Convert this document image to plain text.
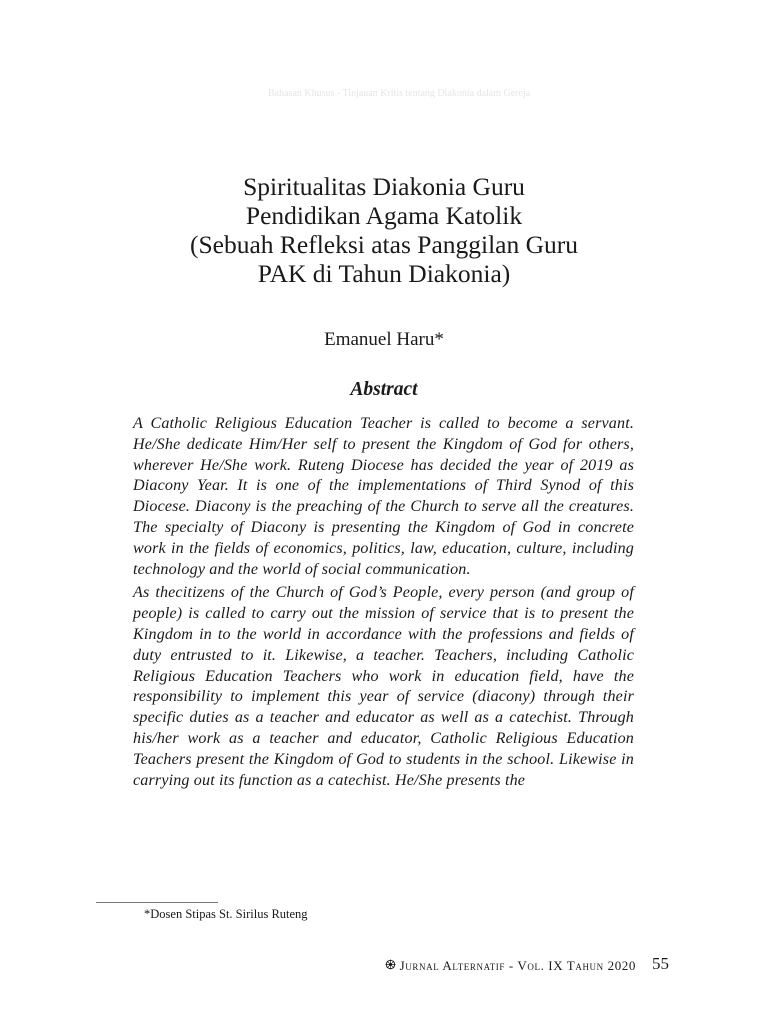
Bahasan Khusus - Tinjauan Kritis tentang Diakonia dalam Gereja
Spiritualitas Diakonia Guru
Pendidikan Agama Katolik
(Sebuah Refleksi atas Panggilan Guru
PAK di Tahun Diakonia)
Emanuel Haru*
Abstract

A Catholic Religious Education Teacher is called to become a servant. He/She dedicate Him/Her self to present the Kingdom of God for others, wherever He/She work. Ruteng Diocese has decided the year of 2019 as Diacony Year. It is one of the implementations of Third Synod of this Diocese. Diacony is the preaching of the Church to serve all the creatures. The specialty of Diacony is presenting the Kingdom of God in concrete work in the fields of economics, politics, law, education, culture, including technology and the world of social communication.

As thecitizens of the Church of God’s People, every person (and group of people) is called to carry out the mission of service that is to present the Kingdom in to the world in accordance with the professions and fields of duty entrusted to it. Likewise, a teacher. Teachers, including Catholic Religious Education Teachers who work in education field, have the responsibility to implement this year of service (diacony) through their specific duties as a teacher and educator as well as a catechist. Through his/her work as a teacher and educator, Catholic Religious Education Teachers present the Kingdom of God to students in the school. Likewise in carrying out its function as a catechist. He/She presents the

*Dosen Stipas St. Sirilus Ruteng
Jurnal Alternatif - Vol. IX Tahun 2020 55
